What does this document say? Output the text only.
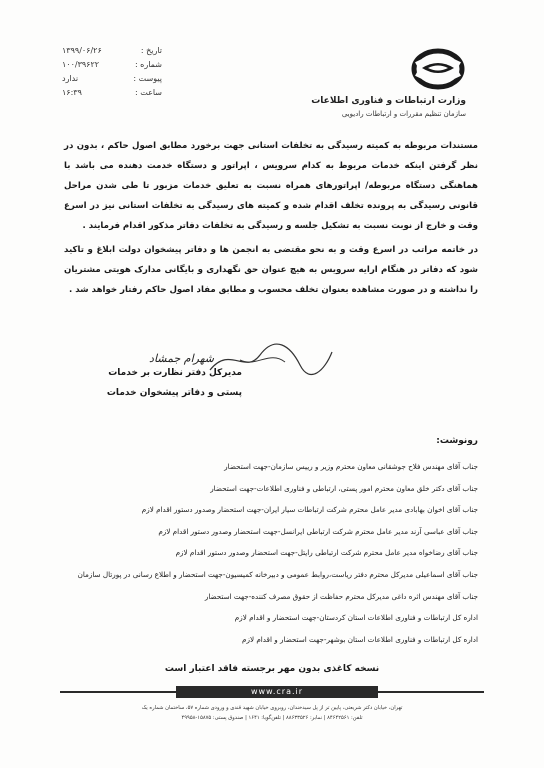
تاریخ :
۱۳۹۹/۰۶/۲۶
شماره :
۱۰۰/۳۹۶۲۲
پیوست :
ندارد
ساعت :
۱۶:۳۹
وزارت ارتباطات و فناوری اطلاعات
سازمان تنظیم مقررات و ارتباطات رادیویی

مستندات مربوطه به کمیته رسیدگی به تخلفات استانی جهت برخورد مطابق اصول حاکم ، بدون در نظر گرفتن اینکه خدمات مربوط به کدام سرویس ، اپراتور و دستگاه خدمت دهنده می باشد با هماهنگی دستگاه مربوطه/ اپراتورهای همراه نسبت به تعلیق خدمات مزبور تا طی شدن مراحل قانونی رسیدگی به پرونده تخلف اقدام شده و کمیته های رسیدگی به تخلفات استانی نیز در اسرع وقت و خارج از نوبت نسبت به تشکیل جلسه و رسیدگی به تخلفات دفاتر مذکور اقدام فرمایند .

در خاتمه مراتب در اسرع وقت و به نحو مقتضی به انجمن ها و دفاتر پیشخوان دولت ابلاغ و تاکید شود که دفاتر در هنگام ارایه سرویس به هیچ عنوان حق نگهداری و بایگانی مدارک هویتی مشتریان را نداشته و در صورت مشاهده بعنوان تخلف محسوب و مطابق مفاد اصول حاکم رفتار خواهد شد .

شهرام جمشاد
مدیرکل دفتر نظارت بر خدمات
پستی و دفاتر پیشخوان خدمات
رونوشت:
جناب آقای مهندس فلاح جوشقانی معاون محترم وزیر و رییس سازمان-جهت استحضار
جناب آقای دکتر خلق معاون محترم امور پستی، ارتباطی و فناوری اطلاعات-جهت استحضار
جناب آقای اخوان بهابادی مدیر عامل محترم شرکت ارتباطات سیار ایران-جهت استحضار وصدور دستور اقدام لازم
جناب آقای عباسی آرند مدیر عامل محترم شرکت ارتباطی ایرانسل-جهت استحضار وصدور دستور اقدام لازم
جناب آقای رضاخواه مدیر عامل محترم شرکت ارتباطی رایتل-جهت استحضار وصدور دستور اقدام لازم
جناب آقای اسماعیلی مدیرکل محترم دفتر ریاست،روابط عمومی و دبیرخانه کمیسیون-جهت استحضار و اطلاع رسانی در پورتال سازمان
جناب آقای مهندس اثره داغی مدیرکل محترم حفاظت از حقوق مصرف کننده-جهت استحضار
اداره کل ارتباطات و فناوری اطلاعات استان کردستان-جهت استحضار و اقدام لازم
اداره کل ارتباطات و فناوری اطلاعات استان بوشهر-جهت استحضار و اقدام لازم
نسخه کاغذی بدون مهر برجسته فاقد اعتبار است
www.cra.ir
تهران، خیابان دکتر شریعتی، پایین تر از پل سیدخندان، روبروی خیابان شهید قندی و ورودی شماره ۵۷، ساختمان شماره یک
تلفن: ۸۴۶۴۲۵۶۱ | نمابر: ۸۸۶۳۳۵۲۶ | تلفن‌گویا: ۱۶۴۱ | صندوق پستی: ۱۵۸۷۵-۴۹۹۵۸
